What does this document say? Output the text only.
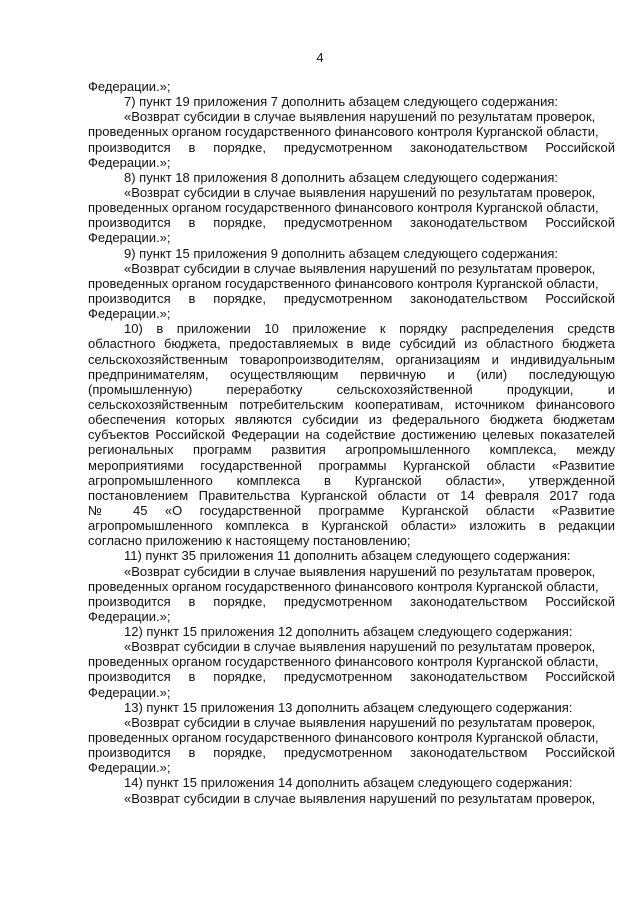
4
Федерации.»;
7) пункт 19 приложения 7 дополнить абзацем следующего содержания:
«Возврат субсидии в случае выявления нарушений по результатам проверок,
проведенных органом государственного финансового контроля Курганской области,
производится в порядке, предусмотренном законодательством Российской
Федерации.»;
8) пункт 18 приложения 8 дополнить абзацем следующего содержания:
«Возврат субсидии в случае выявления нарушений по результатам проверок,
проведенных органом государственного финансового контроля Курганской области,
производится в порядке, предусмотренном законодательством Российской
Федерации.»;
9) пункт 15 приложения 9 дополнить абзацем следующего содержания:
«Возврат субсидии в случае выявления нарушений по результатам проверок,
проведенных органом государственного финансового контроля Курганской области,
производится в порядке, предусмотренном законодательством Российской
Федерации.»;
10) в приложении 10 приложение к порядку распределения средств
областного бюджета, предоставляемых в виде субсидий из областного бюджета
сельскохозяйственным товаропроизводителям, организациям и индивидуальным
предпринимателям, осуществляющим первичную и (или) последующую
(промышленную) переработку сельскохозяйственной продукции, и
сельскохозяйственным потребительским кооперативам, источником финансового
обеспечения которых являются субсидии из федерального бюджета бюджетам
субъектов Российской Федерации на содействие достижению целевых показателей
региональных программ развития агропромышленного комплекса, между
мероприятиями государственной программы Курганской области «Развитие
агропромышленного комплекса в Курганской области», утвержденной
постановлением Правительства Курганской области от 14 февраля 2017 года
№ 45 «О государственной программе Курганской области «Развитие
агропромышленного комплекса в Курганской области» изложить в редакции
согласно приложению к настоящему постановлению;
11) пункт 35 приложения 11 дополнить абзацем следующего содержания:
«Возврат субсидии в случае выявления нарушений по результатам проверок,
проведенных органом государственного финансового контроля Курганской области,
производится в порядке, предусмотренном законодательством Российской
Федерации.»;
12) пункт 15 приложения 12 дополнить абзацем следующего содержания:
«Возврат субсидии в случае выявления нарушений по результатам проверок,
проведенных органом государственного финансового контроля Курганской области,
производится в порядке, предусмотренном законодательством Российской
Федерации.»;
13) пункт 15 приложения 13 дополнить абзацем следующего содержания:
«Возврат субсидии в случае выявления нарушений по результатам проверок,
проведенных органом государственного финансового контроля Курганской области,
производится в порядке, предусмотренном законодательством Российской
Федерации.»;
14) пункт 15 приложения 14 дополнить абзацем следующего содержания:
«Возврат субсидии в случае выявления нарушений по результатам проверок,
